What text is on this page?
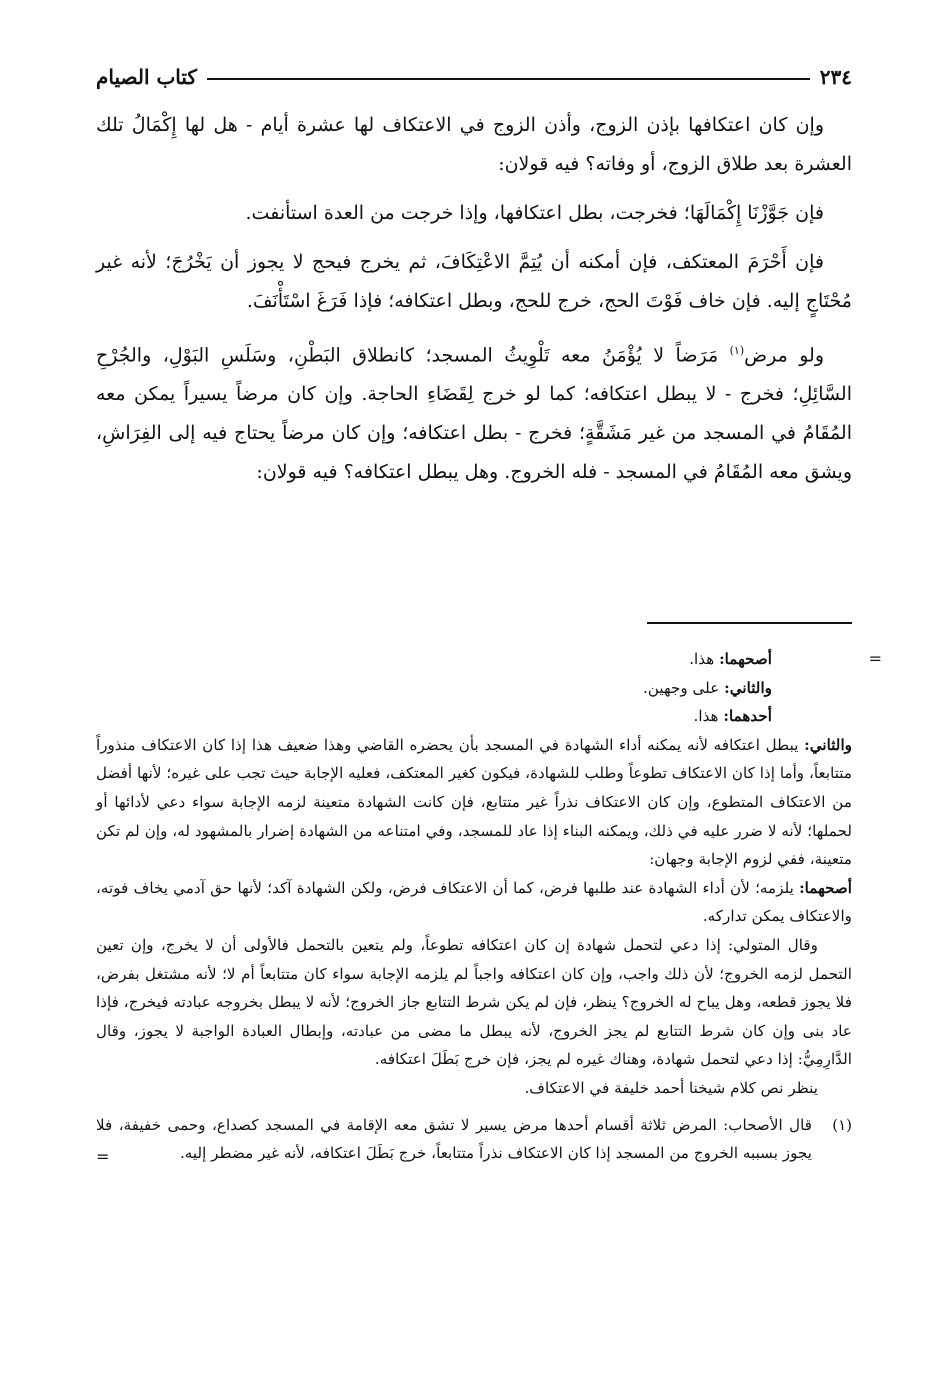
٢٣٤
كتاب الصيام

وإن كان اعتكافها بإذن الزوج، وأذن الزوج في الاعتكاف لها عشرة أيام - هل لها إِكْمَالُ تلك العشرة بعد طلاق الزوج، أو وفاته؟ فيه قولان:

فإن جَوَّزْنَا إِكْمَالَهَا؛ فخرجت، بطل اعتكافها، وإذا خرجت من العدة استأنفت.

فإن أَحْرَمَ المعتكف، فإن أمكنه أن يُتِمَّ الاعْتِكَافَ، ثم يخرج فيحج لا يجوز أن يَخْرُجَ؛ لأنه غير مُحْتَاجٍ إليه. فإن خاف فَوْتَ الحج، خرج للحج، وبطل اعتكافه؛ فإذا فَرَغَ اسْتَأْنَفَ.

ولو مرض$^{(١)}$ مَرَضاً لا يُؤْمَنُ معه تَلْوِيثُ المسجد؛ كانطلاق البَطْنِ، وسَلَسِ البَوْلِ، والجُرْحِ السَّائِلِ؛ فخرج - لا يبطل اعتكافه؛ كما لو خرج لِقَضَاءِ الحاجة. وإن كان مرضاً يسيراً يمكن معه المُقَامُ في المسجد من غير مَشَقَّةٍ؛ فخرج - بطل اعتكافه؛ وإن كان مرضاً يحتاج فيه إلى الفِرَاشِ، ويشق معه المُقَامُ في المسجد - فله الخروج. وهل يبطل اعتكافه؟ فيه قولان:

=

أصحهما: هذا.

والثاني: على وجهين.

أحدهما: هذا.

والثاني: يبطل اعتكافه لأنه يمكنه أداء الشهادة في المسجد بأن يحضره القاضي وهذا ضعيف هذا إذا كان الاعتكاف منذوراً متتابعاً، وأما إذا كان الاعتكاف تطوعاً وطلب للشهادة، فيكون كغير المعتكف، فعليه الإجابة حيث تجب على غيره؛ لأنها أفضل من الاعتكاف المتطوع، وإن كان الاعتكاف نذراً غير متتابع، فإن كانت الشهادة متعينة لزمه الإجابة سواء دعي لأدائها أو لحملها؛ لأنه لا ضرر عليه في ذلك، ويمكنه البناء إذا عاد للمسجد، وفي امتناعه من الشهادة إضرار بالمشهود له، وإن لم تكن متعينة، ففي لزوم الإجابة وجهان:

أصحهما: يلزمه؛ لأن أداء الشهادة عند طلبها فرض، كما أن الاعتكاف فرض، ولكن الشهادة آكد؛ لأنها حق آدمي يخاف فوته، والاعتكاف يمكن تداركه.

وقال المتولي: إذا دعي لتحمل شهادة إن كان اعتكافه تطوعاً، ولم يتعين بالتحمل فالأولى أن لا يخرج، وإن تعين التحمل لزمه الخروج؛ لأن ذلك واجب، وإن كان اعتكافه واجباً لم يلزمه الإجابة سواء كان متتابعاً أم لا؛ لأنه مشتغل بفرض، فلا يجوز قطعه، وهل يباح له الخروج؟ ينظر، فإن لم يكن شرط التتابع جاز الخروج؛ لأنه لا يبطل بخروجه عبادته فيخرج، فإذا عاد بنى وإن كان شرط التتابع لم يجز الخروج، لأنه يبطل ما مضى من عبادته، وإبطال العبادة الواجبة لا يجوز، وقال الدَّارِمِيُّ: إذا دعي لتحمل شهادة، وهناك غيره لم يجز، فإن خرج بَطَلَ اعتكافه.

ينظر نص كلام شيخنا أحمد خليفة في الاعتكاف.

(١)
قال الأصحاب: المرض ثلاثة أقسام أحدها مرض يسير لا تشق معه الإقامة في المسجد كصداع، وحمى خفيفة، فلا يجوز بسببه الخروج من المسجد إذا كان الاعتكاف نذراً متتابعاً، خرج بَطَلَ اعتكافه، لأنه غير مضطر إليه.

=
